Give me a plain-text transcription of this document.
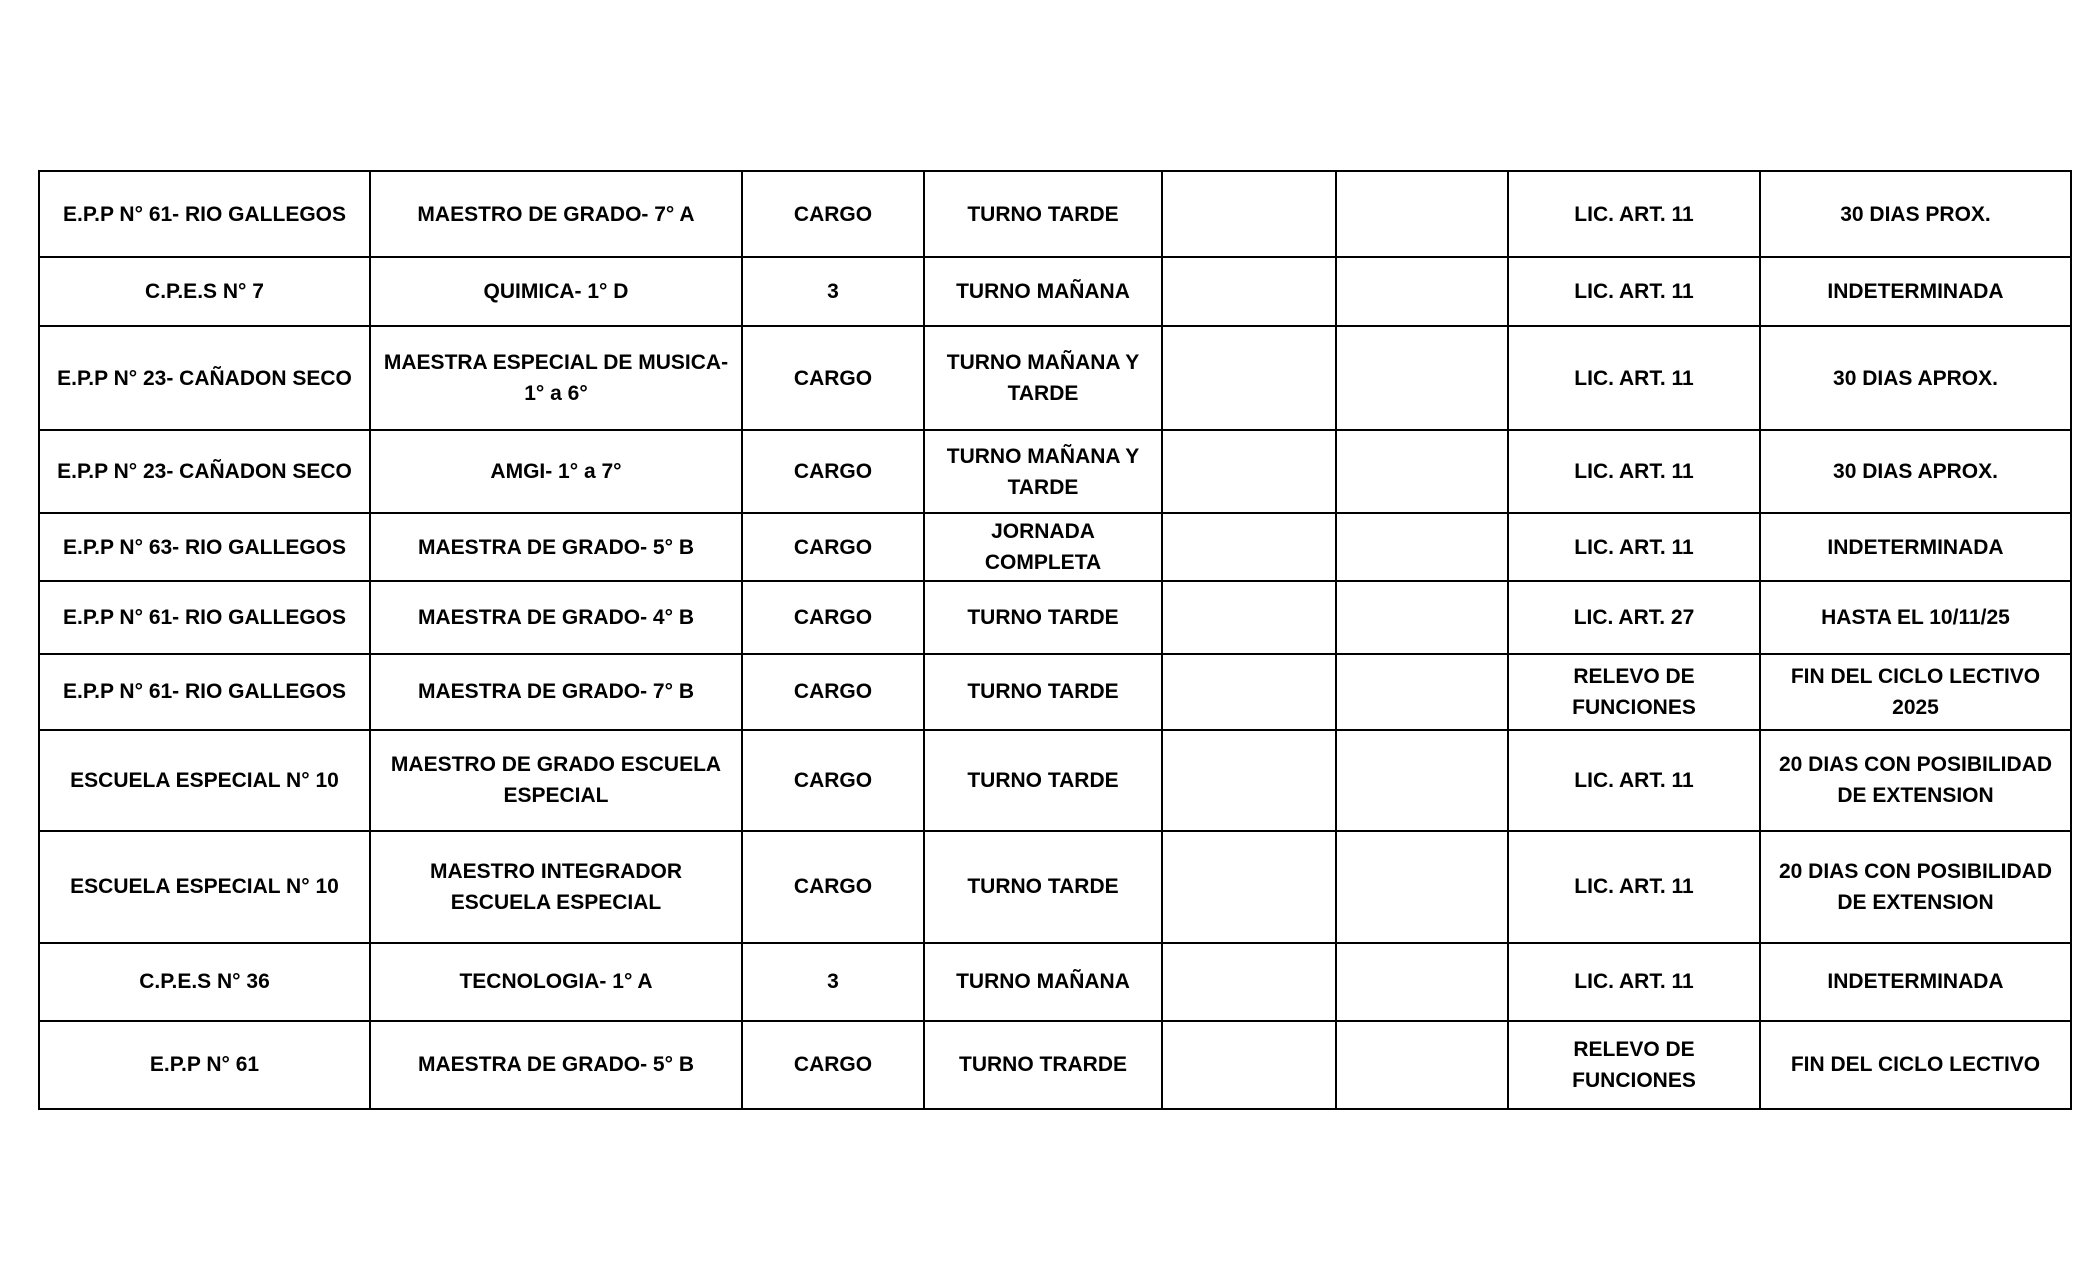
E.P.P N° 61- RIO GALLEGOS	MAESTRO DE GRADO- 7° A	CARGO	TURNO TARDE			LIC. ART. 11	30 DIAS PROX.
C.P.E.S N° 7	QUIMICA- 1° D	3	TURNO MAÑANA			LIC. ART. 11	INDETERMINADA
E.P.P N° 23- CAÑADON SECO	MAESTRA ESPECIAL DE MUSICA- 1° a 6°	CARGO	TURNO MAÑANA Y TARDE			LIC. ART. 11	30 DIAS APROX.
E.P.P N° 23- CAÑADON SECO	AMGI- 1° a 7°	CARGO	TURNO MAÑANA Y TARDE			LIC. ART. 11	30 DIAS APROX.
E.P.P N° 63- RIO GALLEGOS	MAESTRA DE GRADO- 5° B	CARGO	JORNADA COMPLETA			LIC. ART. 11	INDETERMINADA
E.P.P N° 61- RIO GALLEGOS	MAESTRA DE GRADO- 4° B	CARGO	TURNO TARDE			LIC. ART. 27	HASTA EL 10/11/25
E.P.P N° 61- RIO GALLEGOS	MAESTRA DE GRADO- 7° B	CARGO	TURNO TARDE			RELEVO DE FUNCIONES	FIN DEL CICLO LECTIVO 2025
ESCUELA ESPECIAL N° 10	MAESTRO DE GRADO ESCUELA ESPECIAL	CARGO	TURNO TARDE			LIC. ART. 11	20 DIAS CON POSIBILIDAD DE EXTENSION
ESCUELA ESPECIAL N° 10	MAESTRO INTEGRADOR ESCUELA ESPECIAL	CARGO	TURNO TARDE			LIC. ART. 11	20 DIAS CON POSIBILIDAD DE EXTENSION
C.P.E.S N° 36	TECNOLOGIA- 1° A	3	TURNO MAÑANA			LIC. ART. 11	INDETERMINADA
E.P.P N° 61	MAESTRA DE GRADO- 5° B	CARGO	TURNO TRARDE			RELEVO DE FUNCIONES	FIN DEL CICLO LECTIVO
